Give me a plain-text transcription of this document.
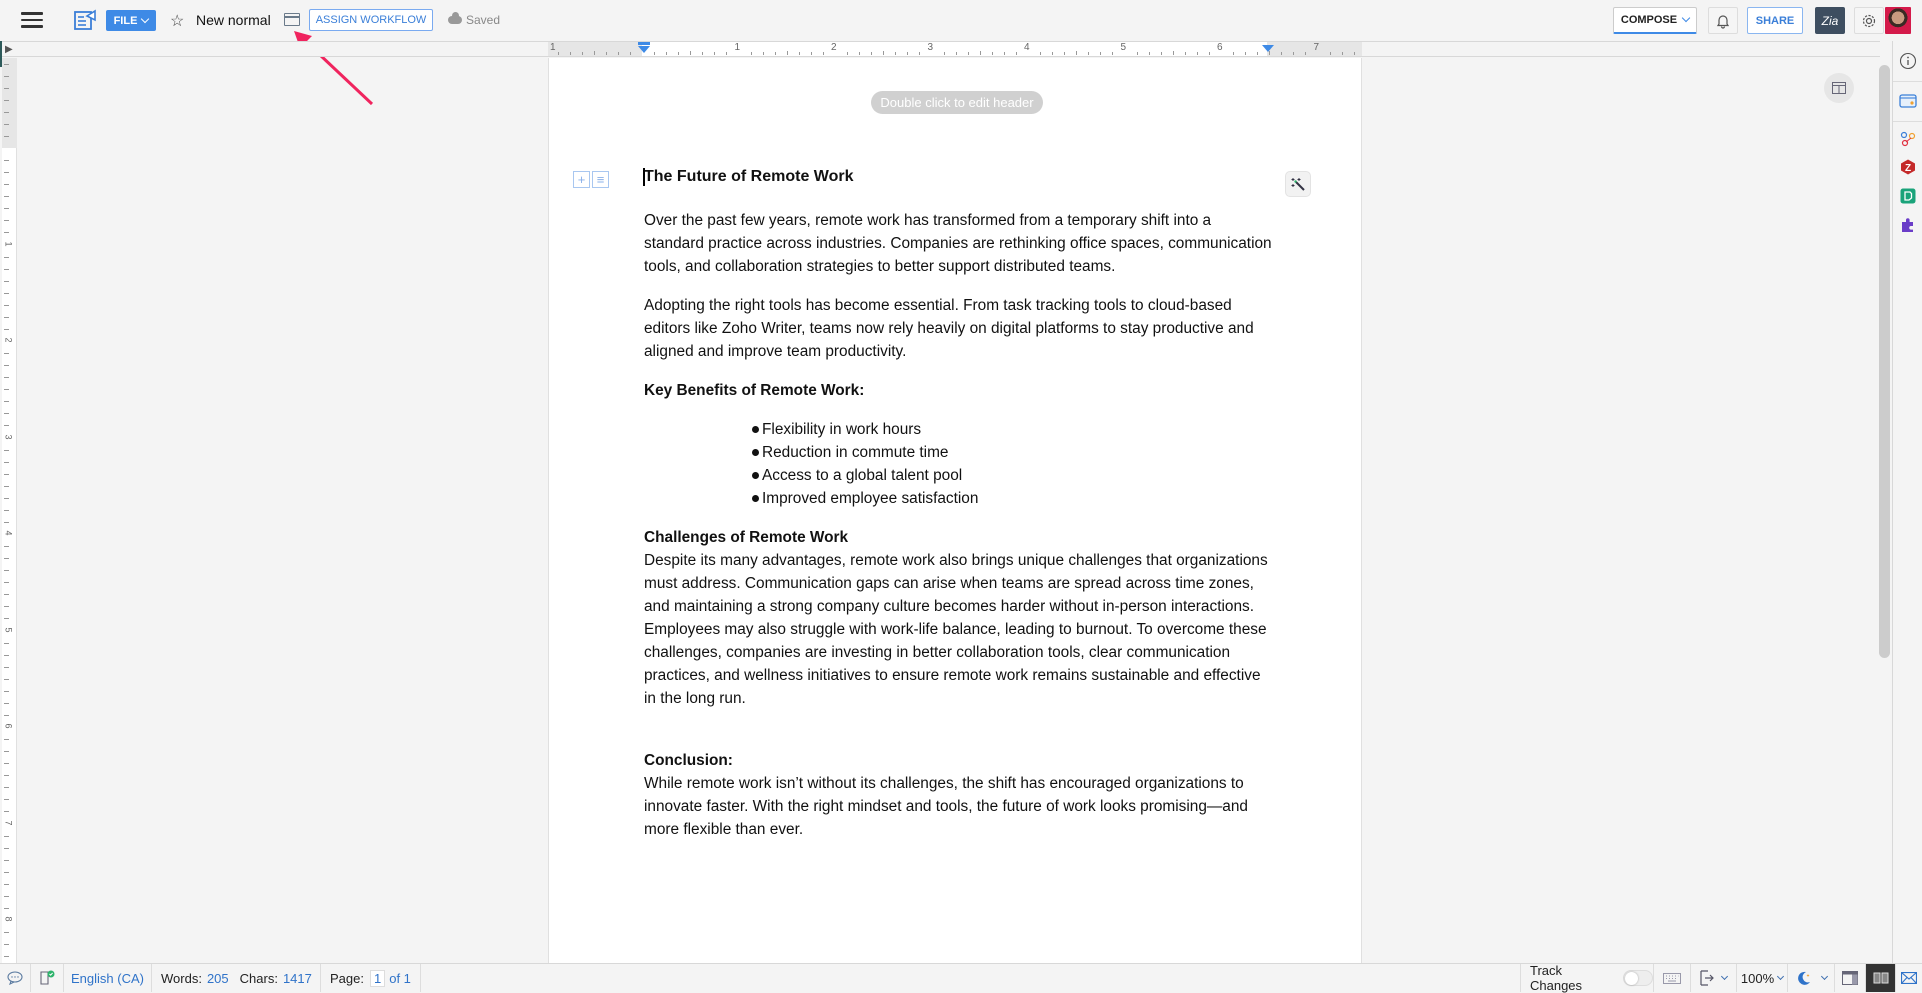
FILE ☆ New normal	ASSIGN WORKFLOW	Saved	COMPOSE	SHARE	Zia
▶	1	1	2	3	4	5	6	7
1
2
3
4
5
6
7
8
Double click to edit header
+ ≡ The Future of Remote Work

Over the past few years, remote work has transformed from a temporary shift into a standard practice across industries. Companies are rethinking office spaces, communication tools, and collaboration strategies to better support distributed teams.

Adopting the right tools has become essential. From task tracking tools to cloud-based editors like Zoho Writer, teams now rely heavily on digital platforms to stay productive and aligned and improve team productivity.

Key Benefits of Remote Work:
Flexibility in work hours
Reduction in commute time
Access to a global talent pool
Improved employee satisfaction
Challenges of Remote Work

Despite its many advantages, remote work also brings unique challenges that organizations must address. Communication gaps can arise when teams are spread across time zones, and maintaining a strong company culture becomes harder without in-person interactions. Employees may also struggle with work-life balance, leading to burnout. To overcome these challenges, companies are investing in better collaboration tools, clear communication practices, and wellness initiatives to ensure remote work remains sustainable and effective in the long run.

Conclusion:

While remote work isn’t without its challenges, the shift has encouraged organizations to innovate faster. With the right mindset and tools, the future of work looks promising—and more flexible than ever.

Z
English (CA)	Words: 205 Chars: 1417 Page: 1 of 1	Track Changes	100%
